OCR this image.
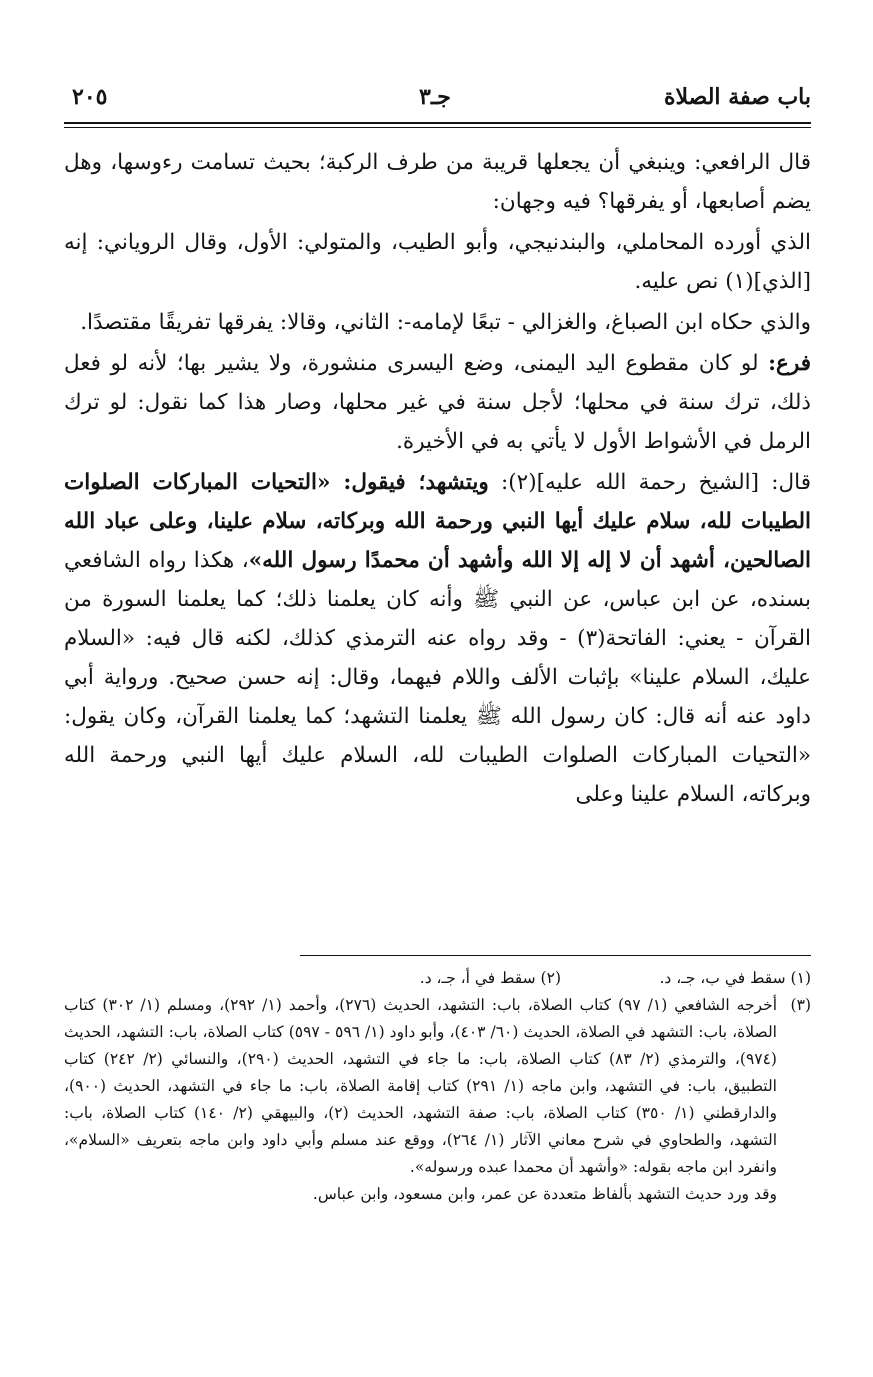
باب صفة الصلاة
جـ٣
٢٠٥

قال الرافعي: وينبغي أن يجعلها قريبة من طرف الركبة؛ بحيث تسامت رءوسها، وهل يضم أصابعها، أو يفرقها؟ فيه وجهان:

الذي أورده المحاملي، والبندنيجي، وأبو الطيب، والمتولي: الأول، وقال الروياني: إنه [الذي](١) نص عليه.

والذي حكاه ابن الصباغ، والغزالي - تبعًا لإمامه-: الثاني، وقالا: يفرقها تفريقًا مقتصدًا.

فرع: لو كان مقطوع اليد اليمنى، وضع اليسرى منشورة، ولا يشير بها؛ لأنه لو فعل ذلك، ترك سنة في محلها؛ لأجل سنة في غير محلها، وصار هذا كما نقول: لو ترك الرمل في الأشواط الأول لا يأتي به في الأخيرة.

قال: [الشيخ رحمة الله عليه](٢): ويتشهد؛ فيقول: «التحيات المباركات الصلوات الطيبات لله، سلام عليك أيها النبي ورحمة الله وبركاته، سلام علينا، وعلى عباد الله الصالحين، أشهد أن لا إله إلا الله وأشهد أن محمدًا رسول الله»، هكذا رواه الشافعي بسنده، عن ابن عباس، عن النبي ﷺ وأنه كان يعلمنا ذلك؛ كما يعلمنا السورة من القرآن - يعني: الفاتحة(٣) - وقد رواه عنه الترمذي كذلك، لكنه قال فيه: «السلام عليك، السلام علينا» بإثبات الألف واللام فيهما، وقال: إنه حسن صحيح. ورواية أبي داود عنه أنه قال: كان رسول الله ﷺ يعلمنا التشهد؛ كما يعلمنا القرآن، وكان يقول: «التحيات المباركات الصلوات الطيبات لله، السلام عليك أيها النبي ورحمة الله وبركاته، السلام علينا وعلى

(١) سقط في ب، جـ، د.
(٢) سقط في أ، جـ، د.
(٣)
أخرجه الشافعي (١/ ٩٧) كتاب الصلاة، باب: التشهد، الحديث (٢٧٦)، وأحمد (١/ ٢٩٢)، ومسلم (١/ ٣٠٢) كتاب الصلاة، باب: التشهد في الصلاة، الحديث (٦٠/ ٤٠٣)، وأبو داود (١/ ٥٩٦ - ٥٩٧) كتاب الصلاة، باب: التشهد، الحديث (٩٧٤)، والترمذي (٢/ ٨٣) كتاب الصلاة، باب: ما جاء في التشهد، الحديث (٢٩٠)، والنسائي (٢/ ٢٤٢) كتاب التطبيق، باب: في التشهد، وابن ماجه (١/ ٢٩١) كتاب إقامة الصلاة، باب: ما جاء في التشهد، الحديث (٩٠٠)، والدارقطني (١/ ٣٥٠) كتاب الصلاة، باب: صفة التشهد، الحديث (٢)، والبيهقي (٢/ ١٤٠) كتاب الصلاة، باب: التشهد، والطحاوي في شرح معاني الآثار (١/ ٢٦٤)، ووقع عند مسلم وأبي داود وابن ماجه بتعريف «السلام»، وانفرد ابن ماجه بقوله: «وأشهد أن محمدا عبده ورسوله».

وقد ورد حديث التشهد بألفاظ متعددة عن عمر، وابن مسعود، وابن عباس.
